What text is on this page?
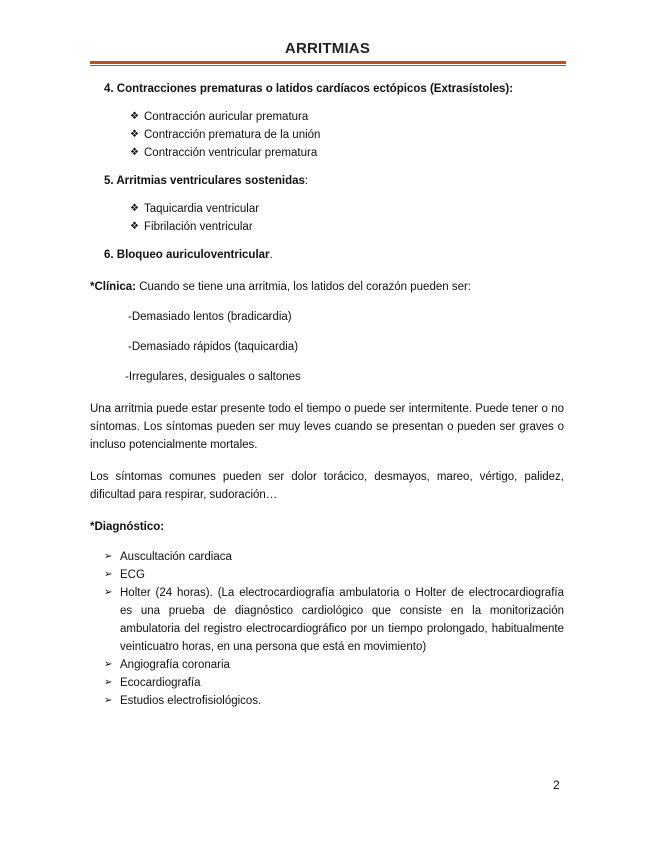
ARRITMIAS

4. Contracciones prematuras o latidos cardíacos ectópicos (Extrasístoles):

❖ Contracción auricular prematura
❖ Contracción prematura de la unión
❖ Contracción ventricular prematura

5. Arritmias ventriculares sostenidas:

❖ Taquicardia ventricular
❖ Fibrilación ventricular

6. Bloqueo auriculoventricular.

*Clínica: Cuando se tiene una arritmia, los latidos del corazón pueden ser:

-Demasiado lentos (bradicardia)
-Demasiado rápidos (taquicardia)
-Irregulares, desiguales o saltones

Una arritmia puede estar presente todo el tiempo o puede ser intermitente. Puede tener o no síntomas. Los síntomas pueden ser muy leves cuando se presentan o pueden ser graves o incluso potencialmente mortales.

Los síntomas comunes pueden ser dolor torácico, desmayos, mareo, vértigo, palidez, dificultad para respirar, sudoración…

*Diagnóstico:

➢ Auscultación cardiaca
➢ ECG
➢ Holter (24 horas). (La electrocardiografía ambulatoria o Holter de electrocardiografía es una prueba de diagnóstico cardiológico que consiste en la monitorización ambulatoria del registro electrocardiográfico por un tiempo prolongado, habitualmente veinticuatro horas, en una persona que está en movimiento)
➢ Angiografía coronaria
➢ Ecocardiografía
➢ Estudios electrofisiológicos.
2
